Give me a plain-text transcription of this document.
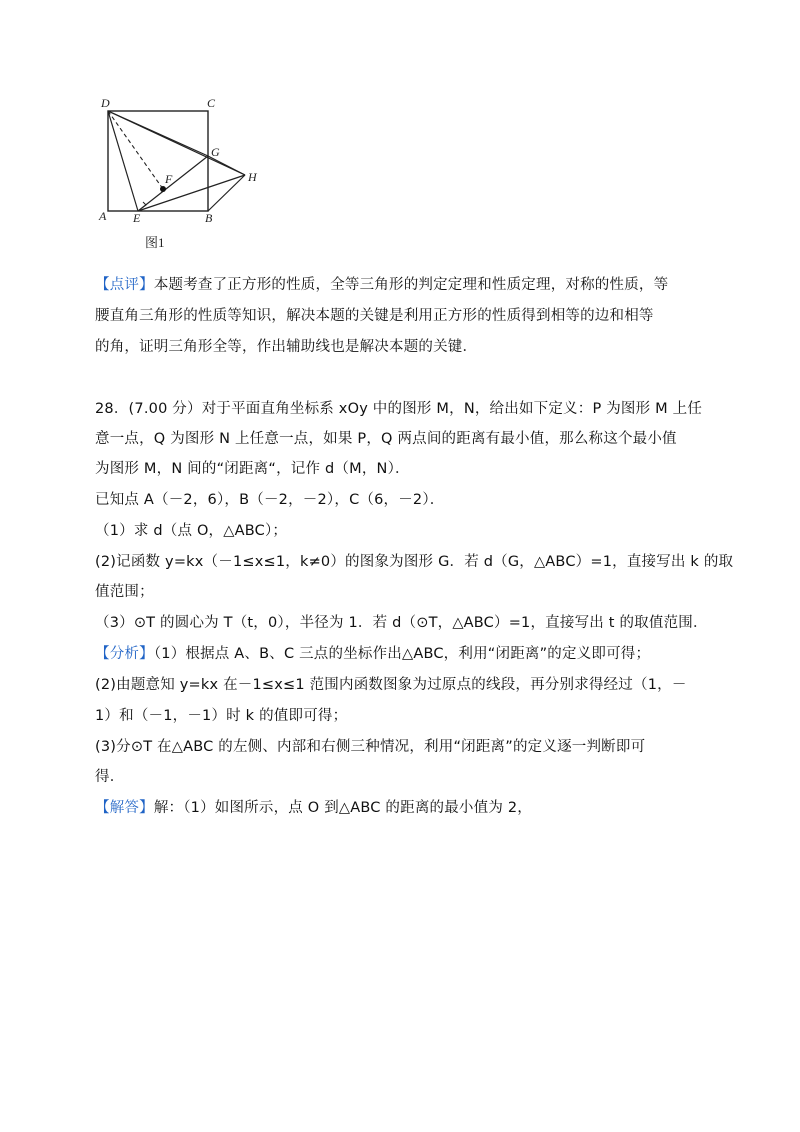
D	C
G
H
F
A E	B
图1
【点评】本题考查了正方形的性质，全等三角形的判定定理和性质定理，对称的性质，等
腰直角三角形的性质等知识，解决本题的关键是利用正方形的性质得到相等的边和相等
的角，证明三角形全等，作出辅助线也是解决本题的关键．
28．(7.00 分）对于平面直角坐标系 xOy 中的图形 M，N，给出如下定义：P 为图形 M 上任
意一点，Q 为图形 N 上任意一点，如果 P，Q 两点间的距离有最小值，那么称这个最小值
为图形 M，N 间的“闭距离“，记作 d（M，N）．
已知点 A（－2，6），B（－2，－2），C（6，－2）．
（1）求 d（点 O，△ABC）；
(2)记函数 y=kx（－1≤x≤1，k≠0）的图象为图形 G．若 d（G，△ABC）=1，直接写出 k 的取
值范围；
（3）⊙T 的圆心为 T（t，0），半径为 1．若 d（⊙T，△ABC）=1，直接写出 t 的取值范围．
【分析】（1）根据点 A、B、C 三点的坐标作出△ABC，利用“闭距离”的定义即可得；
(2)由题意知 y=kx 在－1≤x≤1 范围内函数图象为过原点的线段，再分别求得经过（1，－
1）和（－1，－1）时 k 的值即可得；
(3)分⊙T 在△ABC 的左侧、内部和右侧三种情况，利用“闭距离”的定义逐一判断即可
得．
【解答】解：（1）如图所示，点 O 到△ABC 的距离的最小值为 2，
